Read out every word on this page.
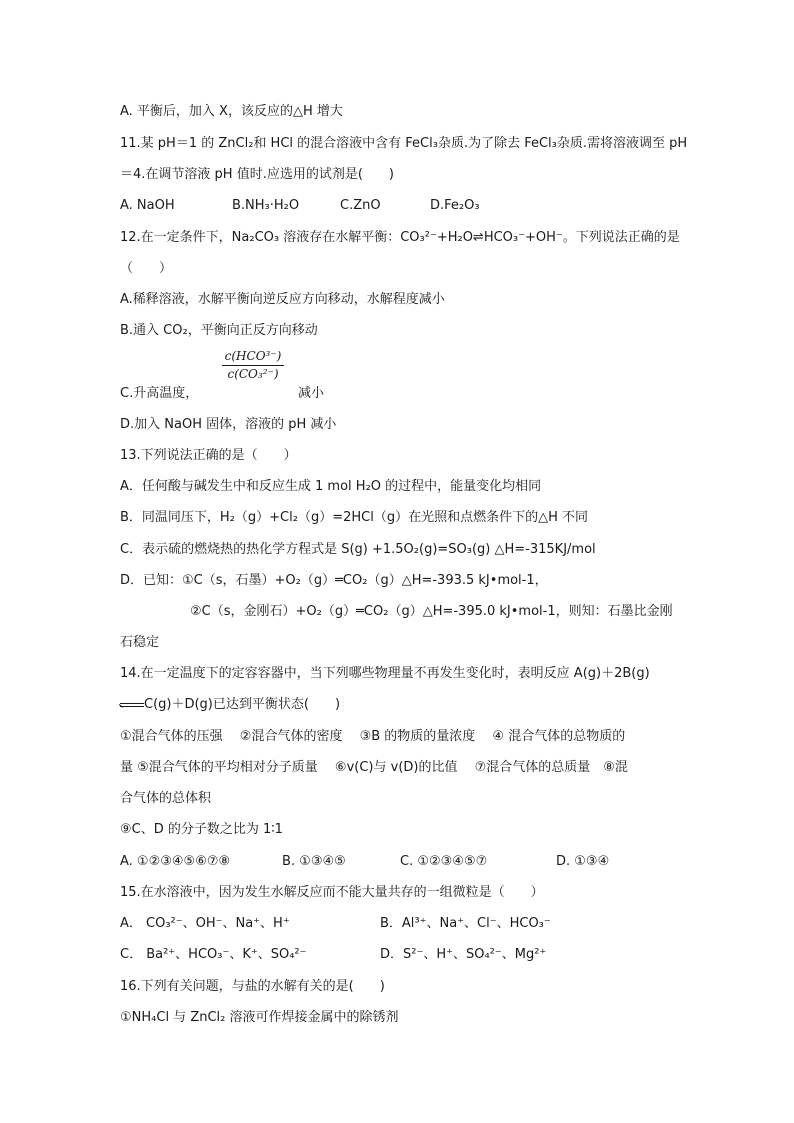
A. 平衡后，加入 X，该反应的△H 增大
11.某 pH＝1 的 ZnCl₂和 HCl 的混合溶液中含有 FeCl₃杂质.为了除去 FeCl₃杂质.需将溶液调至 pH
＝4.在调节溶液 pH 值时.应选用的试剂是(　　)
A. NaOH	B.NH₃·H₂O	C.ZnO	D.Fe₂O₃
12.在一定条件下，Na₂CO₃ 溶液存在水解平衡：CO₃²⁻+H₂O⇌HCO₃⁻+OH⁻。下列说法正确的是
（　　）
A.稀释溶液，水解平衡向逆反应方向移动，水解程度减小
B.通入 CO₂，平衡向正反方向移动
c(HCO³⁻)
c(CO₃²⁻)
C.升高温度，	减小
D.加入 NaOH 固体，溶液的 pH 减小
13.下列说法正确的是（　　）
A．任何酸与碱发生中和反应生成 1 mol H₂O 的过程中，能量变化均相同
B．同温同压下，H₂（g）+Cl₂（g）=2HCl（g）在光照和点燃条件下的△H 不同
C．表示硫的燃烧热的热化学方程式是 S(g) +1.5O₂(g)=SO₃(g) △H=-315KJ/mol
D．已知：①C（s，石墨）+O₂（g）═CO₂（g）△H=-393.5 kJ•mol-1，
②C（s，金刚石）+O₂（g）═CO₂（g）△H=-395.0 kJ•mol-1，则知：石墨比金刚
石稳定
14.在一定温度下的定容容器中，当下列哪些物理量不再发生变化时，表明反应 A(g)＋2B(g)
C(g)＋D(g)已达到平衡状态(　　)
①混合气体的压强　 ②混合气体的密度　 ③B 的物质的量浓度　 ④ 混合气体的总物质的
量 ⑤混合气体的平均相对分子质量　 ⑥v(C)与 v(D)的比值　 ⑦混合气体的总质量　⑧混
合气体的总体积
⑨C、D 的分子数之比为 1∶1
A. ①②③④⑤⑥⑦⑧	B. ①③④⑤	C. ①②③④⑤⑦	D. ①③④
15.在水溶液中，因为发生水解反应而不能大量共存的一组微粒是（　　）
A． CO₃²⁻、OH⁻、Na⁺、H⁺	B．Al³⁺、Na⁺、Cl⁻、HCO₃⁻
C． Ba²⁺、HCO₃⁻、K⁺、SO₄²⁻	D．S²⁻、H⁺、SO₄²⁻、Mg²⁺
16.下列有关问题，与盐的水解有关的是(　　)
①NH₄Cl 与 ZnCl₂ 溶液可作焊接金属中的除锈剂
